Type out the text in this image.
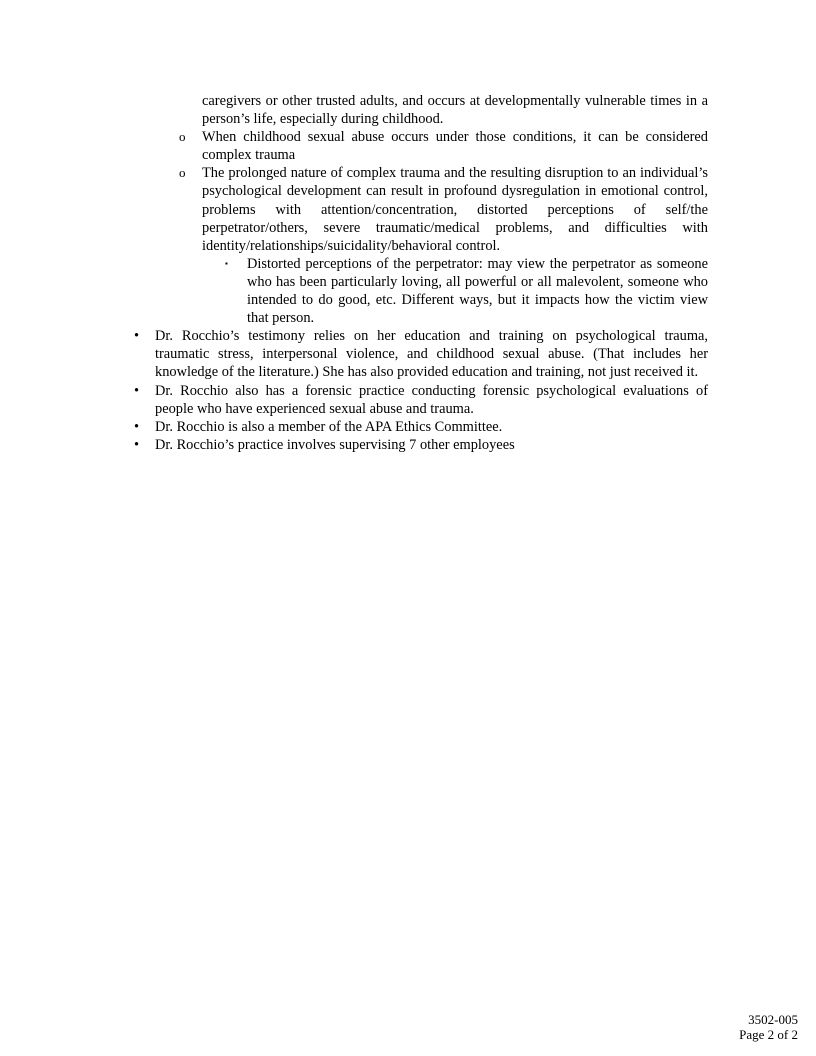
caregivers or other trusted adults, and occurs at developmentally vulnerable times in a person’s life, especially during childhood.
o	When childhood sexual abuse occurs under those conditions, it can be considered complex trauma
o	The prolonged nature of complex trauma and the resulting disruption to an individual’s psychological development can result in profound dysregulation in emotional control, problems with attention/concentration, distorted perceptions of self/the perpetrator/others, severe traumatic/medical problems, and difficulties with identity/relationships/suicidality/behavioral control.
▪	Distorted perceptions of the perpetrator: may view the perpetrator as someone who has been particularly loving, all powerful or all malevolent, someone who intended to do good, etc. Different ways, but it impacts how the victim view that person.
•	Dr. Rocchio’s testimony relies on her education and training on psychological trauma, traumatic stress, interpersonal violence, and childhood sexual abuse. (That includes her knowledge of the literature.) She has also provided education and training, not just received it.
•	Dr. Rocchio also has a forensic practice conducting forensic psychological evaluations of people who have experienced sexual abuse and trauma.
•	Dr. Rocchio is also a member of the APA Ethics Committee.
•	Dr. Rocchio’s practice involves supervising 7 other employees
3502-005
Page 2 of 2
